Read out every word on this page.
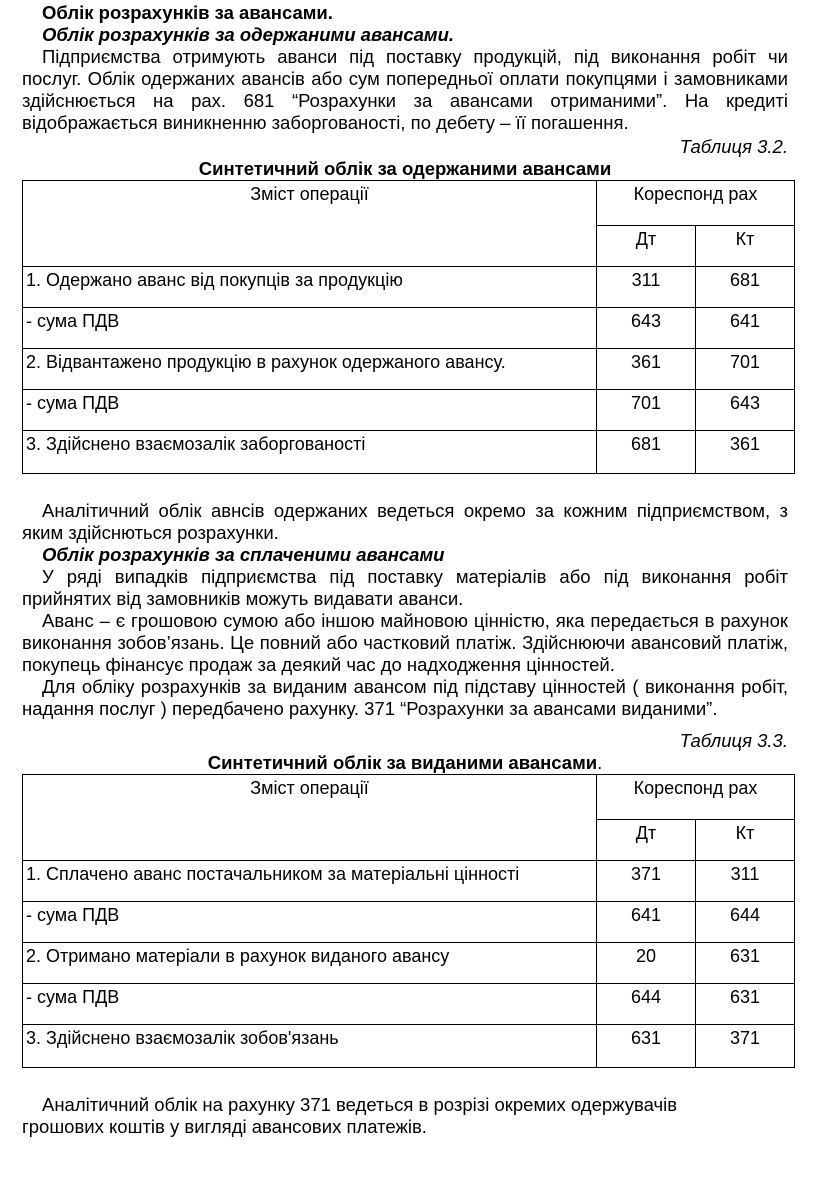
Облік розрахунків за авансами.

Облік розрахунків за одержаними авансами.

Підприємства отримують аванси під поставку продукцій, під виконання робіт чи послуг. Облік одержаних авансів або сум попередньої оплати покупцями і замовниками здійснюється на рах. 681 “Розрахунки за авансами отриманими”. На кредиті відображається виникненню заборгованості, по дебету – її погашення.

Таблиця 3.2.

Синтетичний облік за одержаними авансами

Зміст операції	Кореспонд рах	
	Дт	Кт
1. Одержано аванс від покупців за продукцію	311	681
- сума ПДВ	643	641
2. Відвантажено продукцію в рахунок одержаного авансу.	361	701
- сума ПДВ	701	643
3. Здійснено взаємозалік заборгованості	681	361

Аналітичний облік авнсів одержаних ведеться окремо за кожним підприємством, з яким здійснються розрахунки.

Облік розрахунків за сплаченими авансами

У ряді випадків підприємства під поставку матеріалів або під виконання робіт прийнятих від замовників можуть видавати аванси.

Аванс – є грошовою сумою або іншою майновою цінністю, яка передається в рахунок виконання зобов’язань. Це повний або частковий платіж. Здійснюючи авансовий платіж, покупець фінансує продаж за деякий час до надходження цінностей.

Для обліку розрахунків за виданим авансом під підставу цінностей ( виконання робіт, надання послуг ) передбачено рахунку. 371 “Розрахунки за авансами виданими”.

Таблиця 3.3.

Синтетичний облік за виданими авансами.

Зміст операції	Кореспонд рах	
	Дт	Кт
1. Сплачено аванс постачальником за матеріальні цінності	371	311
- сума ПДВ	641	644
2. Отримано матеріали в рахунок виданого авансу	20	631
- сума ПДВ	644	631
3. Здійснено взаємозалік зобов'язань	631	371

Аналітичний облік на рахунку 371 ведеться в розрізі окремих одержувачів грошових коштів у вигляді авансових платежів.
